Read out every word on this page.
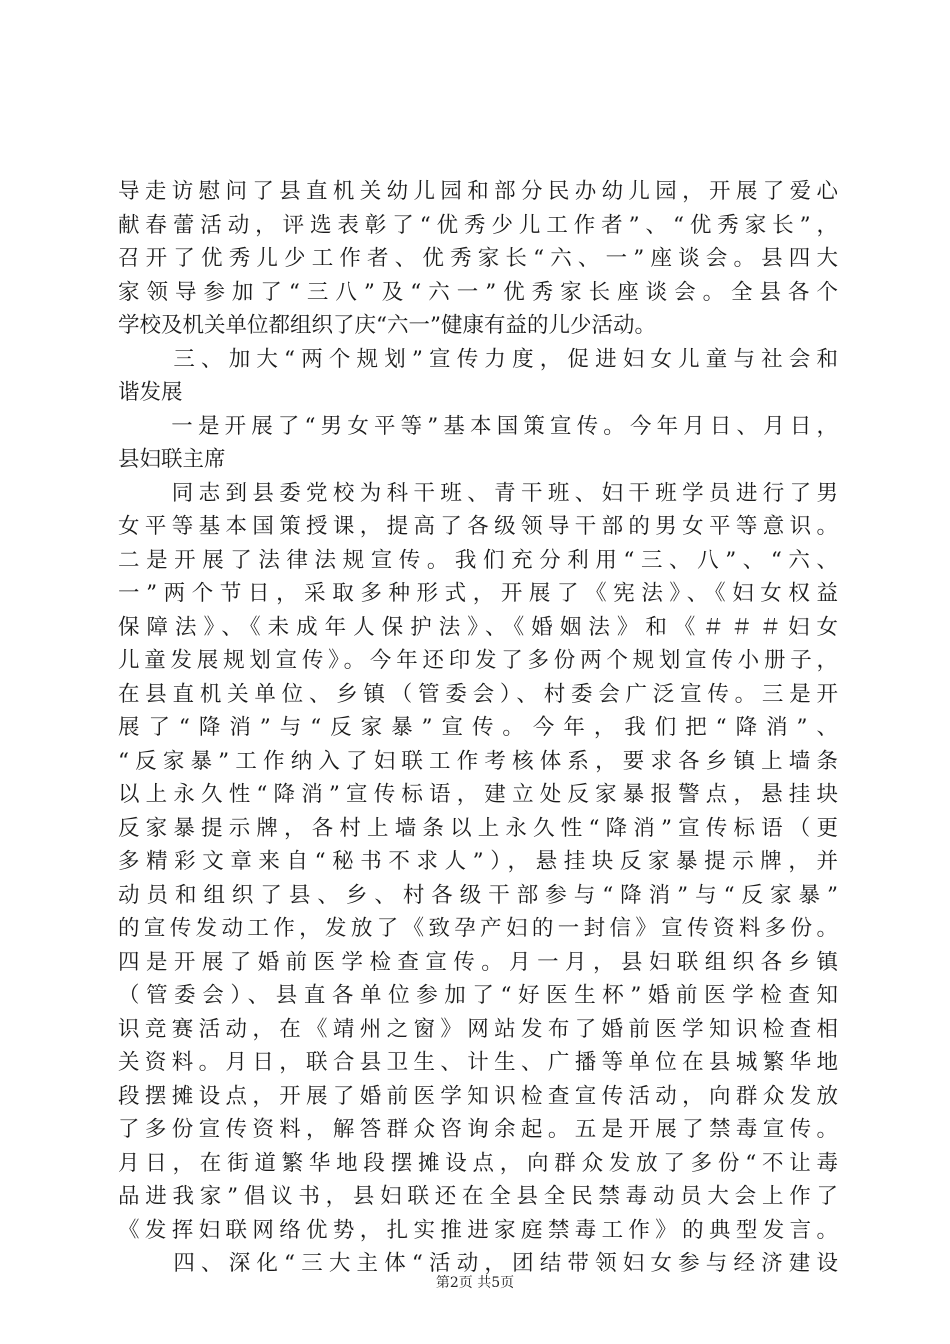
导走访慰问了县直机关幼儿园和部分民办幼儿园，开展了爱心
献春蕾活动，评选表彰了“优秀少儿工作者”、“优秀家长”，
召开了优秀儿少工作者、优秀家长“六、一”座谈会。县四大
家领导参加了“三八”及“六一”优秀家长座谈会。全县各个
学校及机关单位都组织了庆“六一”健康有益的儿少活动。
　　三、加大“两个规划”宣传力度，促进妇女儿童与社会和
谐发展
　　一是开展了“男女平等”基本国策宣传。今年月日、月日，
县妇联主席
　　同志到县委党校为科干班、青干班、妇干班学员进行了男
女平等基本国策授课，提高了各级领导干部的男女平等意识。
二是开展了法律法规宣传。我们充分利用“三、八”、“六、
一”两个节日，采取多种形式，开展了《宪法》、《妇女权益
保障法》、《未成年人保护法》、《婚姻法》和《＃＃＃妇女
儿童发展规划宣传》。今年还印发了多份两个规划宣传小册子，
在县直机关单位、乡镇（管委会）、村委会广泛宣传。三是开
展了“降消”与“反家暴”宣传。今年，我们把“降消”、
“反家暴”工作纳入了妇联工作考核体系，要求各乡镇上墙条
以上永久性“降消”宣传标语，建立处反家暴报警点，悬挂块
反家暴提示牌，各村上墙条以上永久性“降消”宣传标语（更
多精彩文章来自“秘书不求人”），悬挂块反家暴提示牌，并
动员和组织了县、乡、村各级干部参与“降消”与“反家暴”
的宣传发动工作，发放了《致孕产妇的一封信》宣传资料多份。
四是开展了婚前医学检查宣传。月一月，县妇联组织各乡镇
（管委会）、县直各单位参加了“好医生杯”婚前医学检查知
识竞赛活动，在《靖州之窗》网站发布了婚前医学知识检查相
关资料。月日，联合县卫生、计生、广播等单位在县城繁华地
段摆摊设点，开展了婚前医学知识检查宣传活动，向群众发放
了多份宣传资料，解答群众咨询余起。五是开展了禁毒宣传。
月日，在街道繁华地段摆摊设点，向群众发放了多份“不让毒
品进我家”倡议书，县妇联还在全县全民禁毒动员大会上作了
《发挥妇联网络优势，扎实推进家庭禁毒工作》的典型发言。
　　四、深化“三大主体“活动，团结带领妇女参与经济建设
第2页 共5页
